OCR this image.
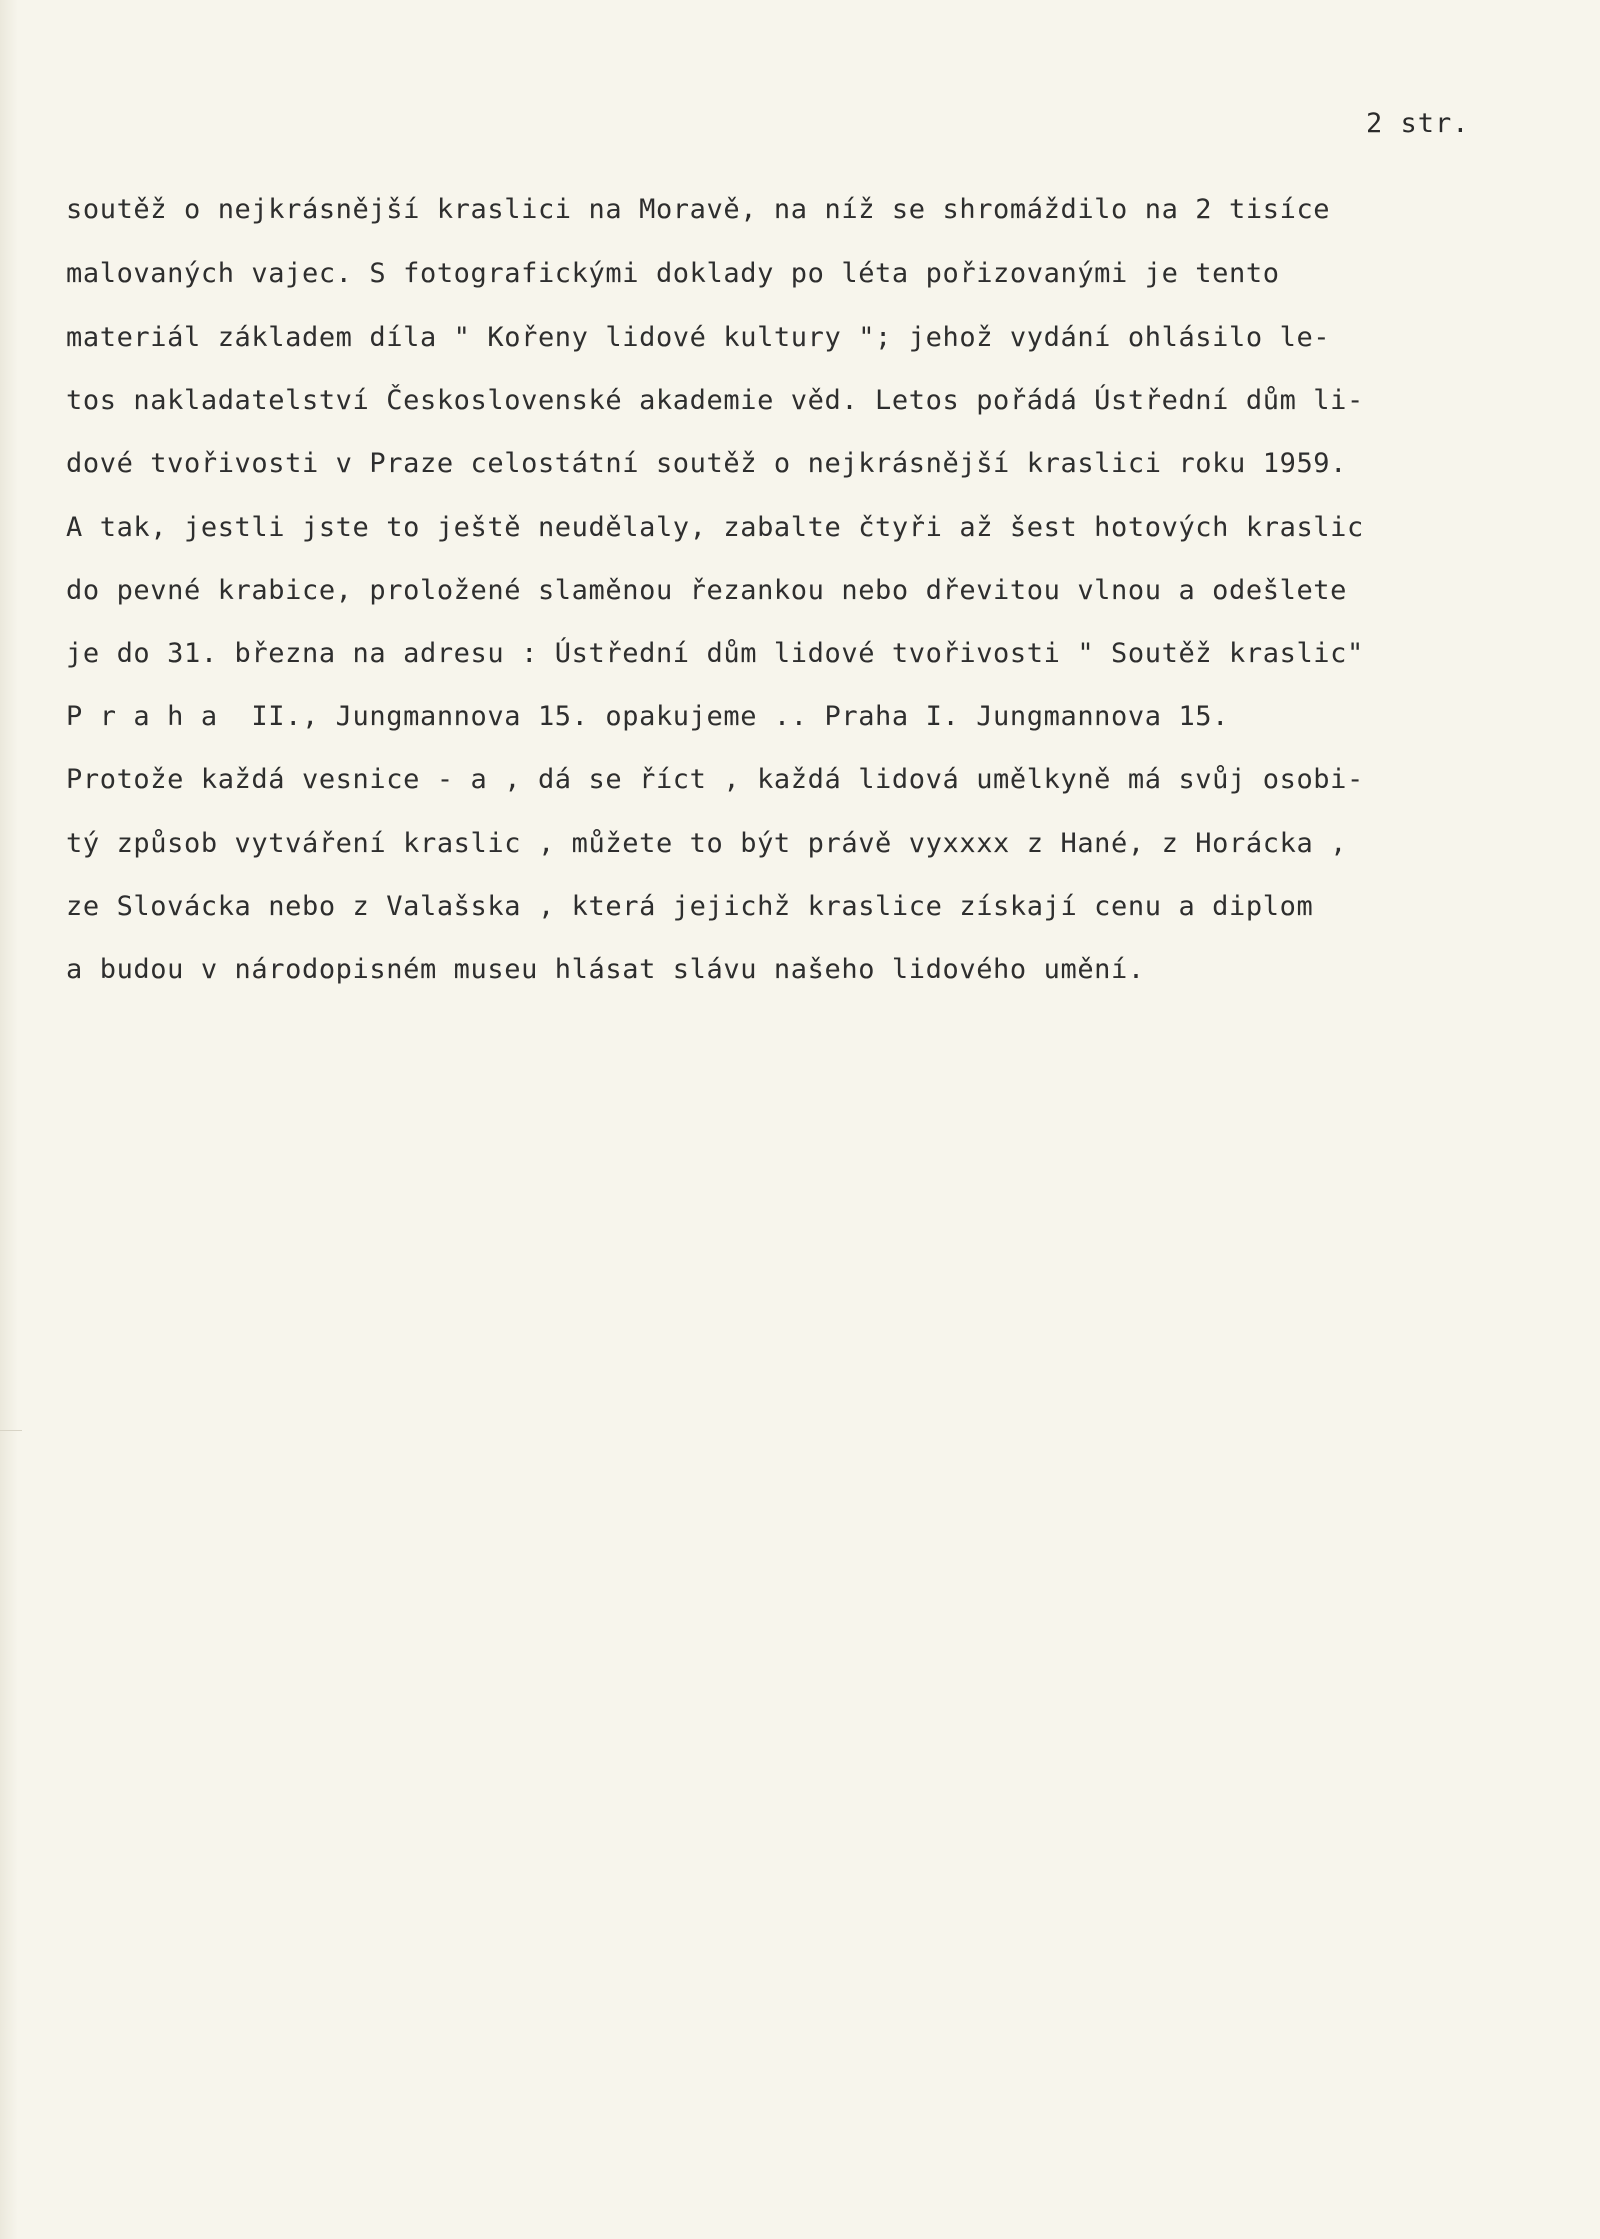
2 str.

soutěž o nejkrásnější kraslici na Moravě, na níž se shromáždilo na 2 tisíce

malovaných vajec. S fotografickými doklady po léta pořizovanými je tento

materiál základem díla " Kořeny lidové kultury "; jehož vydání ohlásilo le-

tos nakladatelství Československé akademie věd. Letos pořádá Ústřední dům li-

dové tvořivosti v Praze celostátní soutěž o nejkrásnější kraslici roku 1959.

A tak, jestli jste to ještě neudělaly, zabalte čtyři až šest hotových kraslic

do pevné krabice, proložené slaměnou řezankou nebo dřevitou vlnou a odešlete

je do 31. března na adresu : Ústřední dům lidové tvořivosti " Soutěž kraslic"

P r a h a  II., Jungmannova 15. opakujeme .. Praha I. Jungmannova 15.

Protože každá vesnice - a , dá se říct , každá lidová umělkyně má svůj osobi-

tý způsob vytváření kraslic , můžete to být právě vyxxxx z Hané, z Horácka ,

ze Slovácka nebo z Valašska , která jejichž kraslice získají cenu a diplom

a budou v národopisném museu hlásat slávu našeho lidového umění.
